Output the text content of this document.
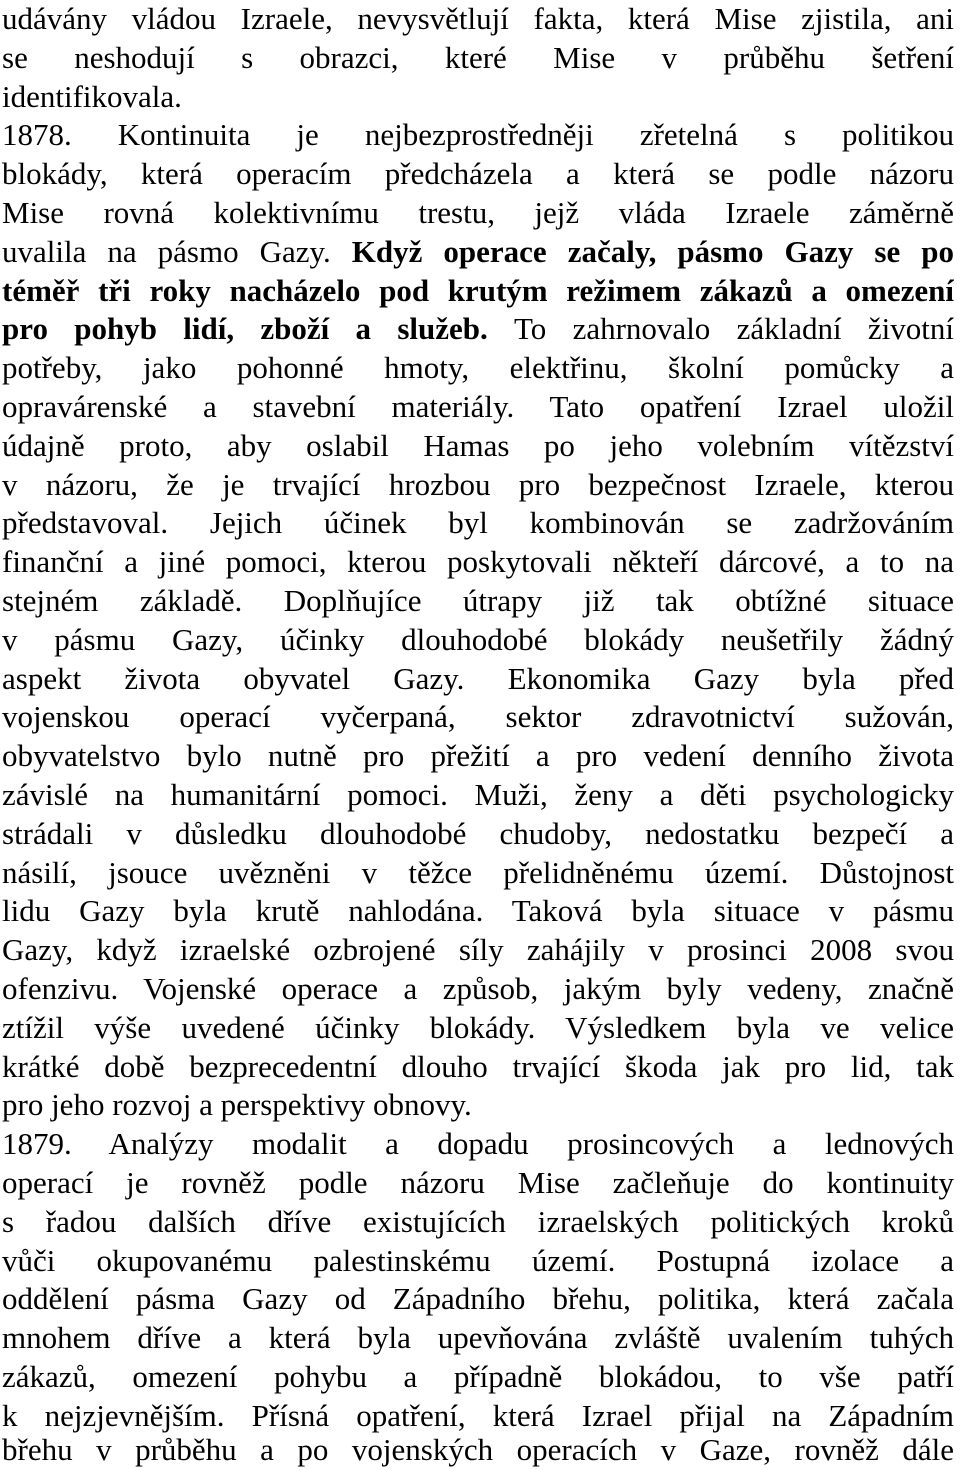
udávány vládou Izraele, nevysvětlují fakta, která Mise zjistila, ani
se neshodují s obrazci, které Mise v průběhu šetření
identifikovala.
1878. Kontinuita je nejbezprostředněji zřetelná s politikou
blokády, která operacím předcházela a která se podle názoru
Mise rovná kolektivnímu trestu, jejž vláda Izraele záměrně
uvalila na pásmo Gazy. Když operace začaly, pásmo Gazy se po
téměř tři roky nacházelo pod krutým režimem zákazů a omezení
pro pohyb lidí, zboží a služeb. To zahrnovalo základní životní
potřeby, jako pohonné hmoty, elektřinu, školní pomůcky a
opravárenské a stavební materiály. Tato opatření Izrael uložil
údajně proto, aby oslabil Hamas po jeho volebním vítězství
v názoru, že je trvající hrozbou pro bezpečnost Izraele, kterou
představoval. Jejich účinek byl kombinován se zadržováním
finanční a jiné pomoci, kterou poskytovali někteří dárcové, a to na
stejném základě. Doplňujíce útrapy již tak obtížné situace
v pásmu Gazy, účinky dlouhodobé blokády neušetřily žádný
aspekt života obyvatel Gazy. Ekonomika Gazy byla před
vojenskou operací vyčerpaná, sektor zdravotnictví sužován,
obyvatelstvo bylo nutně pro přežití a pro vedení denního života
závislé na humanitární pomoci. Muži, ženy a děti psychologicky
strádali v důsledku dlouhodobé chudoby, nedostatku bezpečí a
násilí, jsouce uvězněni v těžce přelidněnému území. Důstojnost
lidu Gazy byla krutě nahlodána. Taková byla situace v pásmu
Gazy, když izraelské ozbrojené síly zahájily v prosinci 2008 svou
ofenzivu. Vojenské operace a způsob, jakým byly vedeny, značně
ztížil výše uvedené účinky blokády. Výsledkem byla ve velice
krátké době bezprecedentní dlouho trvající škoda jak pro lid, tak
pro jeho rozvoj a perspektivy obnovy.
1879. Analýzy modalit a dopadu prosincových a lednových
operací je rovněž podle názoru Mise začleňuje do kontinuity
s řadou dalších dříve existujících izraelských politických kroků
vůči okupovanému palestinskému území. Postupná izolace a
oddělení pásma Gazy od Západního břehu, politika, která začala
mnohem dříve a která byla upevňována zvláště uvalením tuhých
zákazů, omezení pohybu a případně blokádou, to vše patří
k nejzjevnějším. Přísná opatření, která Izrael přijal na Západním
břehu v průběhu a po vojenských operacích v Gaze, rovněž dále
